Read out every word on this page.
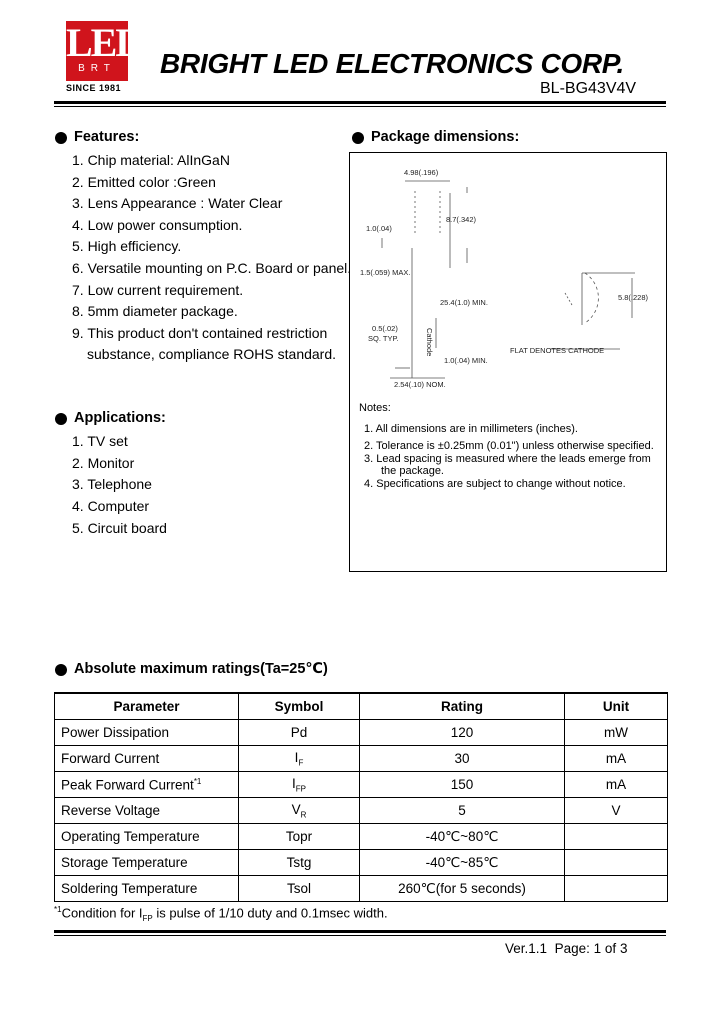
LED
BRT
SINCE 1981
BRIGHT LED ELECTRONICS CORP.
BL-BG43V4V
Features:
1. Chip material: AlInGaN
2. Emitted color :Green
3. Lens Appearance : Water Clear
4. Low power consumption.
5. High efficiency.
6. Versatile mounting on P.C. Board or panel.
7. Low current requirement.
8. 5mm diameter package.
9. This product don't contained restriction
substance, compliance ROHS standard.
Applications:
1. TV set
2. Monitor
3. Telephone
4. Computer
5. Circuit board
Package dimensions:
4.98(.196)
8.7(.342)
1.0(.04)
1.5(.059) MAX.
25.4(1.0) MIN.
0.5(.02)
SQ. TYP.	Cathode
1.0(.04) MIN.
2.54(.10) NOM.
5.8(.228)
FLAT DENOTES CATHODE
Notes:
1. All dimensions are in millimeters (inches).
2. Tolerance is ±0.25mm (0.01") unless otherwise specified.
3. Lead spacing is measured where the leads emerge from
the package.
4. Specifications are subject to change without notice.
Absolute maximum ratings(Ta=25℃)
Parameter	Symbol	Rating	Unit
Power Dissipation	Pd	120	mW
Forward Current	$I_F$	30	mA
Peak Forward Current$^{*1}$	$I_{FP}$	150	mA
Reverse Voltage	$V_R$	5	V
Operating Temperature	Topr	-40℃~80℃	
Storage Temperature	Tstg	-40℃~85℃	
Soldering Temperature	Tsol	260℃(for 5 seconds)	
$^{*1}$Condition for $I_{FP}$ is pulse of 1/10 duty and 0.1msec width.
Ver.1.1 Page: 1 of 3
